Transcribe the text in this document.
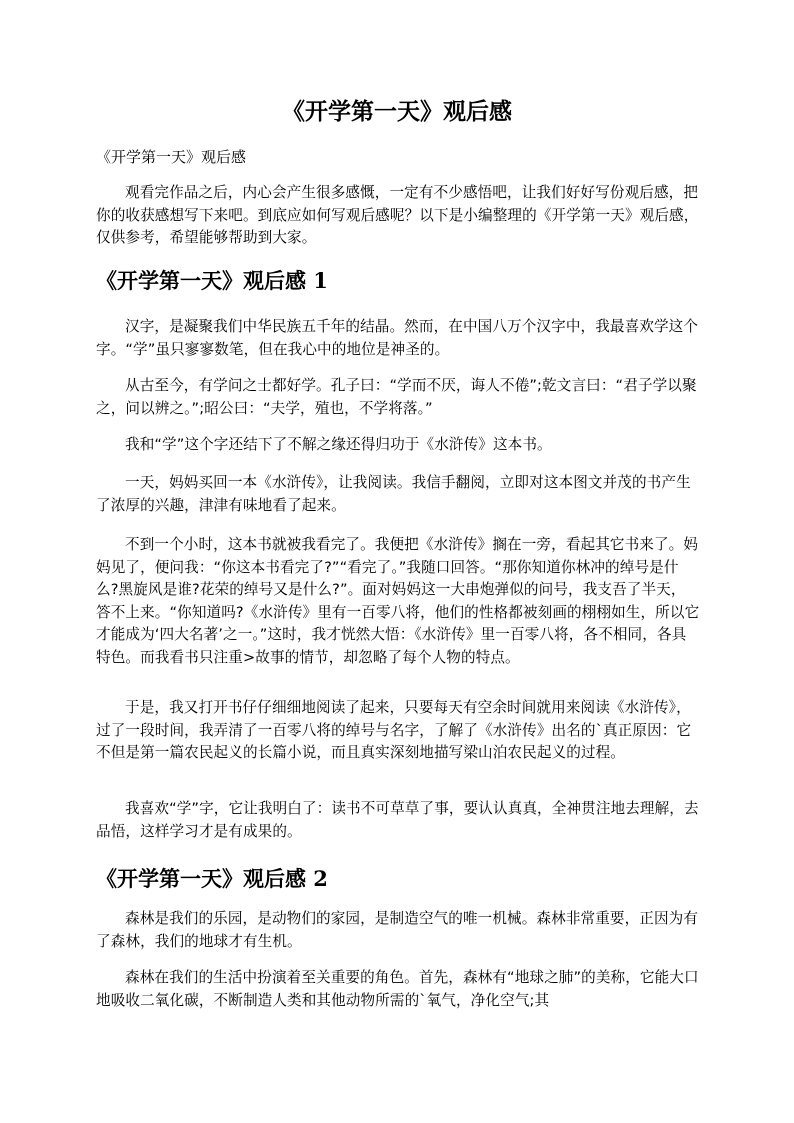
《开学第一天》观后感

《开学第一天》观后感

观看完作品之后，内心会产生很多感慨，一定有不少感悟吧，让我们好好写份观后感，把你的收获感想写下来吧。到底应如何写观后感呢？以下是小编整理的《开学第一天》观后感，仅供参考，希望能够帮助到大家。

《开学第一天》观后感 1

汉字，是凝聚我们中华民族五千年的结晶。然而，在中国八万个汉字中，我最喜欢学这个字。“学”虽只寥寥数笔，但在我心中的地位是神圣的。

从古至今，有学问之士都好学。孔子曰：“学而不厌，诲人不倦”;乾文言曰：“君子学以聚之，问以辨之。”;昭公曰：“夫学，殖也，不学将落。”

我和“学”这个字还结下了不解之缘还得归功于《水浒传》这本书。

一天，妈妈买回一本《水浒传》，让我阅读。我信手翻阅，立即对这本图文并茂的书产生了浓厚的兴趣，津津有味地看了起来。

不到一个小时，这本书就被我看完了。我便把《水浒传》搁在一旁，看起其它书来了。妈妈见了，便问我：“你这本书看完了?”“看完了。”我随口回答。“那你知道你林冲的绰号是什么?黑旋风是谁?花荣的绰号又是什么?”。面对妈妈这一大串炮弹似的问号，我支吾了半天，答不上来。“你知道吗?《水浒传》里有一百零八将，他们的性格都被刻画的栩栩如生，所以它才能成为‘四大名著’之一。”这时，我才恍然大悟：《水浒传》里一百零八将，各不相同，各具特色。而我看书只注重>故事的情节，却忽略了每个人物的特点。

于是，我又打开书仔仔细细地阅读了起来，只要每天有空余时间就用来阅读《水浒传》，过了一段时间，我弄清了一百零八将的绰号与名字，了解了《水浒传》出名的`真正原因：它不但是第一篇农民起义的长篇小说，而且真实深刻地描写梁山泊农民起义的过程。

我喜欢“学”字，它让我明白了：读书不可草草了事，要认认真真，全神贯注地去理解，去品悟，这样学习才是有成果的。

《开学第一天》观后感 2

森林是我们的乐园，是动物们的家园，是制造空气的唯一机械。森林非常重要，正因为有了森林，我们的地球才有生机。

森林在我们的生活中扮演着至关重要的角色。首先，森林有“地球之肺”的美称，它能大口地吸收二氧化碳，不断制造人类和其他动物所需的`氧气，净化空气;其
